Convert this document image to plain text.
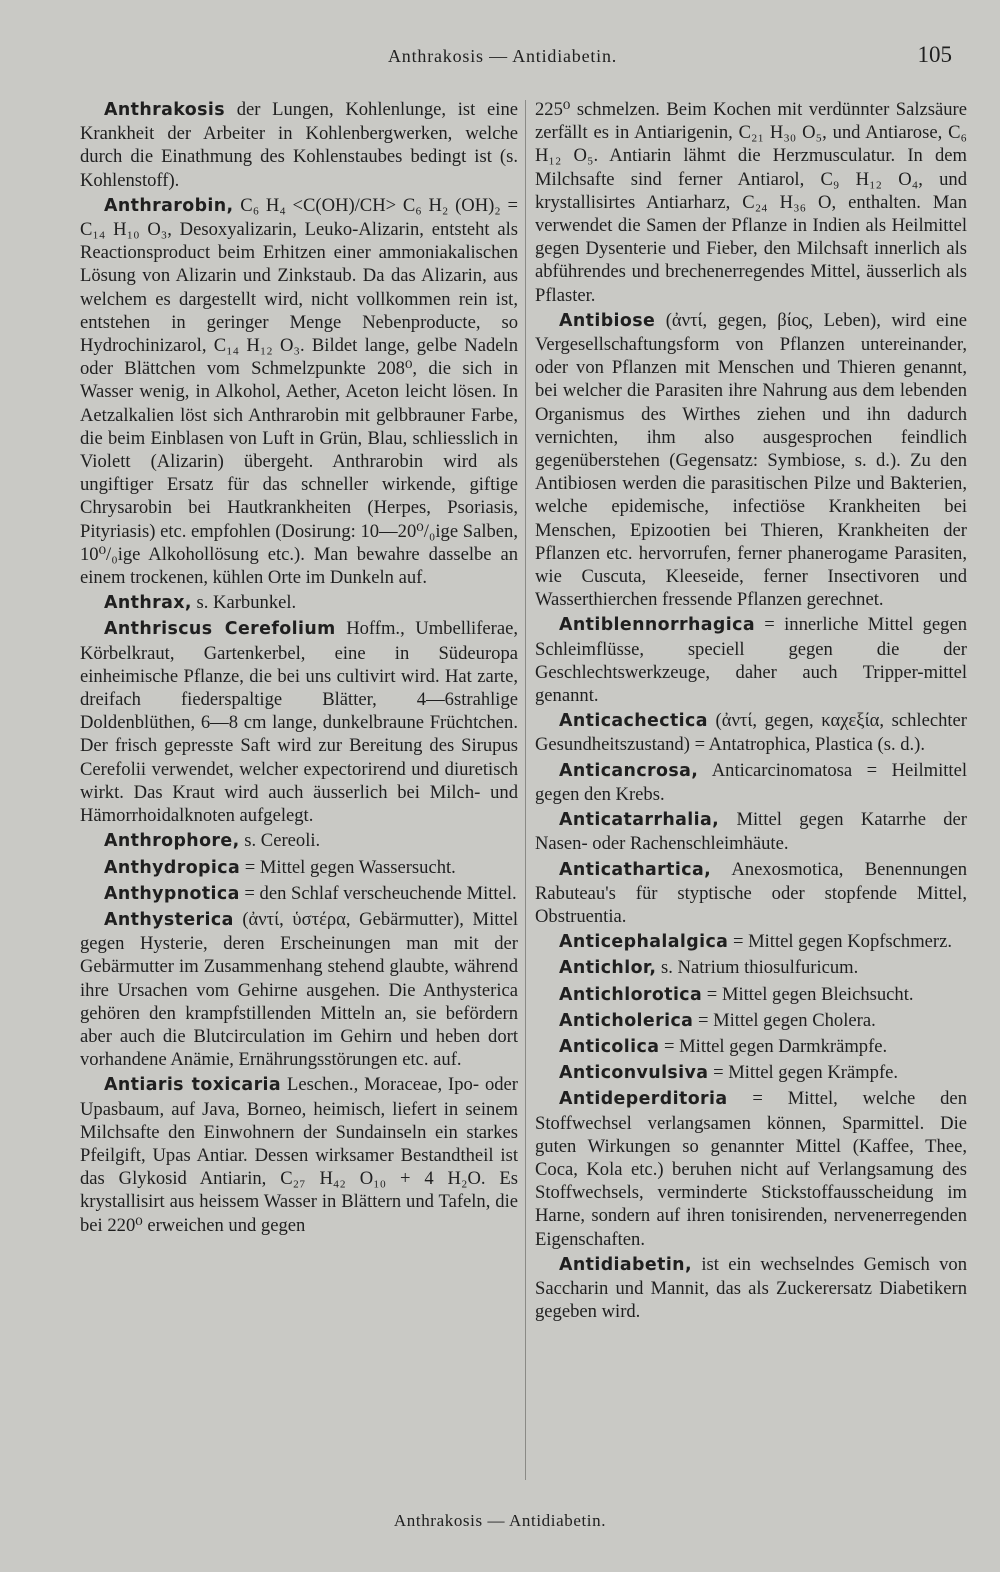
Anthrakosis — Antidiabetin.	105

Anthrakosis der Lungen, Kohlenlunge, ist eine Krankheit der Arbeiter in Kohlenbergwerken, welche durch die Einathmung des Kohlenstaubes bedingt ist (s. Kohlenstoff).

Anthrarobin, C₆ H₄ <C(OH)/CH> C₆ H₂ (OH)₂ = C₁₄ H₁₀ O₃, Desoxyalizarin, Leuko-Alizarin, entsteht als Reactionsproduct beim Erhitzen einer ammoniakalischen Lösung von Alizarin und Zinkstaub. Da das Alizarin, aus welchem es dargestellt wird, nicht vollkommen rein ist, entstehen in geringer Menge Nebenproducte, so Hydrochinizarol, C₁₄ H₁₂ O₃. Bildet lange, gelbe Nadeln oder Blättchen vom Schmelzpunkte 208⁰, die sich in Wasser wenig, in Alkohol, Aether, Aceton leicht lösen. In Aetzalkalien löst sich Anthrarobin mit gelbbrauner Farbe, die beim Einblasen von Luft in Grün, Blau, schliesslich in Violett (Alizarin) übergeht. Anthrarobin wird als ungiftiger Ersatz für das schneller wirkende, giftige Chrysarobin bei Hautkrankheiten (Herpes, Psoriasis, Pityriasis) etc. empfohlen (Dosirung: 10—20⁰/₀ige Salben, 10⁰/₀ige Alkohollösung etc.). Man bewahre dasselbe an einem trockenen, kühlen Orte im Dunkeln auf.

Anthrax, s. Karbunkel.

Anthriscus Cerefolium Hoffm., Umbelliferae, Körbelkraut, Gartenkerbel, eine in Südeuropa einheimische Pflanze, die bei uns cultivirt wird. Hat zarte, dreifach fiederspaltige Blätter, 4—6strahlige Doldenblüthen, 6—8 cm lange, dunkelbraune Früchtchen. Der frisch gepresste Saft wird zur Bereitung des Sirupus Cerefolii verwendet, welcher expectorirend und diuretisch wirkt. Das Kraut wird auch äusserlich bei Milch- und Hämorrhoidalknoten aufgelegt.

Anthrophore, s. Cereoli.

Anthydropica = Mittel gegen Wassersucht.

Anthypnotica = den Schlaf verscheuchende Mittel.

Anthysterica (ἀντί, ὑστέρα, Gebärmutter), Mittel gegen Hysterie, deren Erscheinungen man mit der Gebärmutter im Zusammenhang stehend glaubte, während ihre Ursachen vom Gehirne ausgehen. Die Anthysterica gehören den krampfstillenden Mitteln an, sie befördern aber auch die Blutcirculation im Gehirn und heben dort vorhandene Anämie, Ernährungsstörungen etc. auf.

Antiaris toxicaria Leschen., Moraceae, Ipo- oder Upasbaum, auf Java, Borneo, heimisch, liefert in seinem Milchsafte den Einwohnern der Sundainseln ein starkes Pfeilgift, Upas Antiar. Dessen wirksamer Bestandtheil ist das Glykosid Antiarin, C₂₇ H₄₂ O₁₀ + 4 H₂O. Es krystallisirt aus heissem Wasser in Blättern und Tafeln, die bei 220⁰ erweichen und gegen

225⁰ schmelzen. Beim Kochen mit verdünnter Salzsäure zerfällt es in Antiarigenin, C₂₁ H₃₀ O₅, und Antiarose, C₆ H₁₂ O₅. Antiarin lähmt die Herzmusculatur. In dem Milchsafte sind ferner Antiarol, C₉ H₁₂ O₄, und krystallisirtes Antiarharz, C₂₄ H₃₆ O, enthalten. Man verwendet die Samen der Pflanze in Indien als Heilmittel gegen Dysenterie und Fieber, den Milchsaft innerlich als abführendes und brechenerregendes Mittel, äusserlich als Pflaster.

Antibiose (ἀντί, gegen, βίος, Leben), wird eine Vergesellschaftungsform von Pflanzen untereinander, oder von Pflanzen mit Menschen und Thieren genannt, bei welcher die Parasiten ihre Nahrung aus dem lebenden Organismus des Wirthes ziehen und ihn dadurch vernichten, ihm also ausgesprochen feindlich gegenüberstehen (Gegensatz: Symbiose, s. d.). Zu den Antibiosen werden die parasitischen Pilze und Bakterien, welche epidemische, infectiöse Krankheiten bei Menschen, Epizootien bei Thieren, Krankheiten der Pflanzen etc. hervorrufen, ferner phanerogame Parasiten, wie Cuscuta, Kleeseide, ferner Insectivoren und Wasserthierchen fressende Pflanzen gerechnet.

Antiblennorrhagica = innerliche Mittel gegen Schleimflüsse, speciell gegen die der Geschlechtswerkzeuge, daher auch Tripper-mittel genannt.

Anticachectica (ἀντί, gegen, καχεξία, schlechter Gesundheitszustand) = Antatrophica, Plastica (s. d.).

Anticancrosa, Anticarcinomatosa = Heilmittel gegen den Krebs.

Anticatarrhalia, Mittel gegen Katarrhe der Nasen- oder Rachenschleimhäute.

Anticathartica, Anexosmotica, Benennungen Rabuteau's für styptische oder stopfende Mittel, Obstruentia.

Anticephalalgica = Mittel gegen Kopfschmerz.

Antichlor, s. Natrium thiosulfuricum.

Antichlorotica = Mittel gegen Bleichsucht.

Anticholerica = Mittel gegen Cholera.

Anticolica = Mittel gegen Darmkrämpfe.

Anticonvulsiva = Mittel gegen Krämpfe.

Antideperditoria = Mittel, welche den Stoffwechsel verlangsamen können, Sparmittel. Die guten Wirkungen so genannter Mittel (Kaffee, Thee, Coca, Kola etc.) beruhen nicht auf Verlangsamung des Stoffwechsels, verminderte Stickstoffausscheidung im Harne, sondern auf ihren tonisirenden, nervenerregenden Eigenschaften.

Antidiabetin, ist ein wechselndes Gemisch von Saccharin und Mannit, das als Zuckerersatz Diabetikern gegeben wird.

Anthrakosis — Antidiabetin.
